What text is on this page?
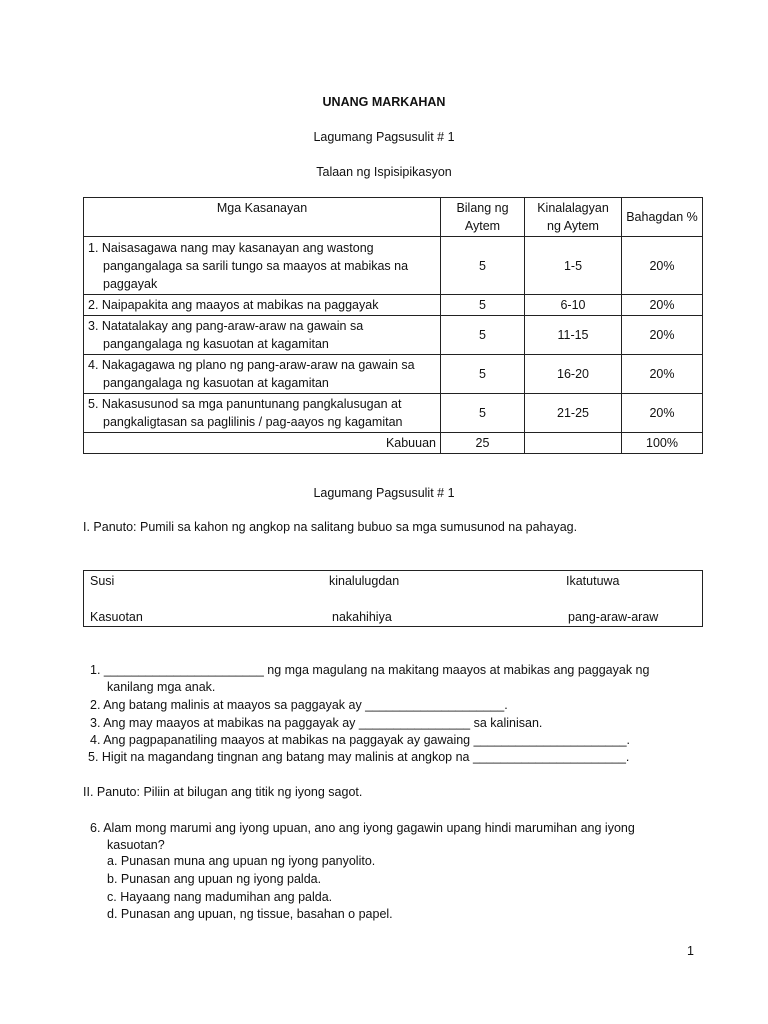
UNANG MARKAHAN
Lagumang Pagsusulit # 1
Talaan ng Ispisipikasyon
Mga Kasanayan	Bilang ng Aytem	Kinalalagyan ng Aytem	Bahagdan %

1. Naisasagawa nang may kasanayan ang wastong pangangalaga sa sarili tungo sa maayos at mabikas na paggayak	5	1-5	20%

2. Naipapakita ang maayos at mabikas na paggayak	5	6-10	20%

3. Natatalakay ang pang-araw-araw na gawain sa pangangalaga ng kasuotan at kagamitan	5	11-15	20%

4. Nakagagawa ng plano ng pang-araw-araw na gawain sa pangangalaga ng kasuotan at kagamitan	5	16-20	20%

5. Nakasusunod sa mga panuntunang pangkalusugan at pangkaligtasan sa paglilinis / pag-aayos ng kagamitan	5	21-25	20%
Kabuuan	25		100%
Lagumang Pagsusulit # 1
I. Panuto: Pumili sa kahon ng angkop na salitang bubuo sa mga sumusunod na pahayag.
Susi	kinalulugdan	Ikatutuwa
Kasuotan	nakahihiya	pang-araw-araw
1. _______________________ ng mga magulang na makitang maayos at mabikas ang paggayak ng
kanilang mga anak.
2. Ang batang malinis at maayos sa paggayak ay ____________________.
3. Ang may maayos at mabikas na paggayak ay ________________ sa kalinisan.
4. Ang pagpapanatiling maayos at mabikas na paggayak ay gawaing ______________________.
5. Higit na magandang tingnan ang batang may malinis at angkop na ______________________.
II. Panuto: Piliin at bilugan ang titik ng iyong sagot.
6. Alam mong marumi ang iyong upuan, ano ang iyong gagawin upang hindi marumihan ang iyong
kasuotan?
a. Punasan muna ang upuan ng iyong panyolito.
b. Punasan ang upuan ng iyong palda.
c. Hayaang nang madumihan ang palda.
d. Punasan ang upuan, ng tissue, basahan o papel.
1
